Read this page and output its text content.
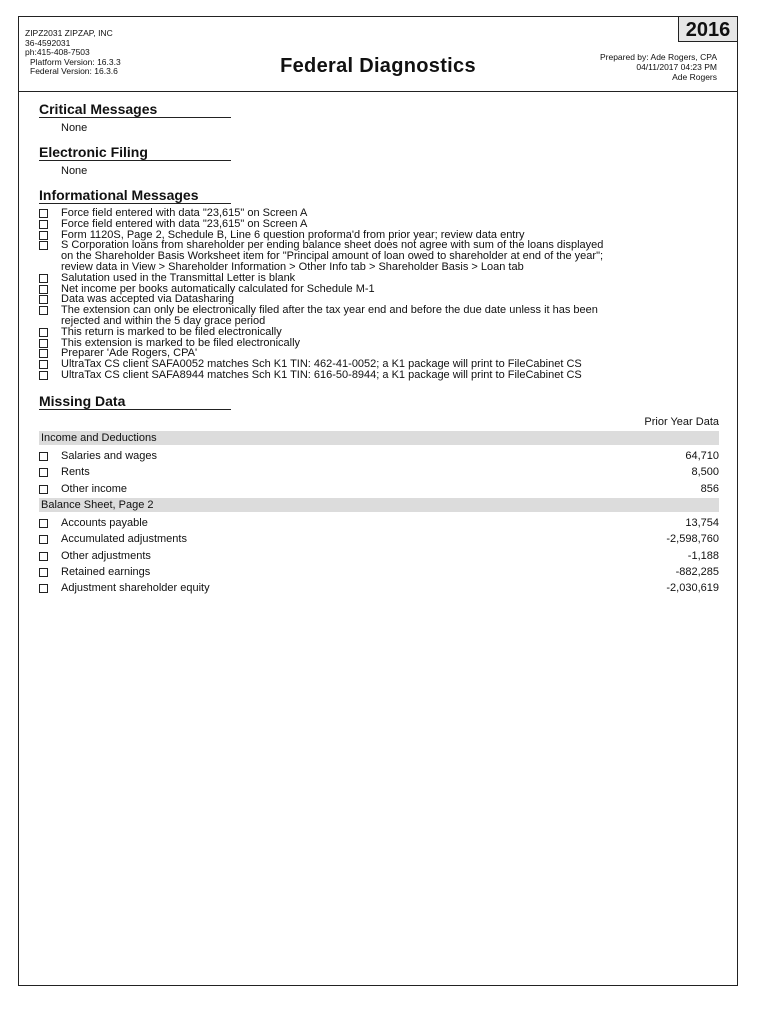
ZIPZ2031 ZIPZAP, INC
36-4592031
ph:415-408-7503
Platform Version: 16.3.3
Federal Version: 16.3.6	Federal Diagnostics
2016
Prepared by: Ade Rogers, CPA
04/11/2017 04:23 PM
Ade Rogers
Critical Messages
None
Electronic Filing
None
Informational Messages
Force field entered with data "23,615" on Screen A
Force field entered with data "23,615" on Screen A
Form 1120S, Page 2, Schedule B, Line 6 question proforma'd from prior year; review data entry
S Corporation loans from shareholder per ending balance sheet does not agree with sum of the loans displayed
on the Shareholder Basis Worksheet item for "Principal amount of loan owed to shareholder at end of the year";
review data in View > Shareholder Information > Other Info tab > Shareholder Basis > Loan tab
Salutation used in the Transmittal Letter is blank
Net income per books automatically calculated for Schedule M-1
Data was accepted via Datasharing
The extension can only be electronically filed after the tax year end and before the due date unless it has been
rejected and within the 5 day grace period
This return is marked to be filed electronically
This extension is marked to be filed electronically
Preparer 'Ade Rogers, CPA'
UltraTax CS client SAFA0052 matches Sch K1 TIN: 462-41-0052; a K1 package will print to FileCabinet CS
UltraTax CS client SAFA8944 matches Sch K1 TIN: 616-50-8944; a K1 package will print to FileCabinet CS
Missing Data
Prior Year Data
Income and Deductions
Salaries and wages	64,710
Rents	8,500
Other income	856
Balance Sheet, Page 2
Accounts payable	13,754
Accumulated adjustments	-2,598,760
Other adjustments	-1,188
Retained earnings	-882,285
Adjustment shareholder equity	-2,030,619
